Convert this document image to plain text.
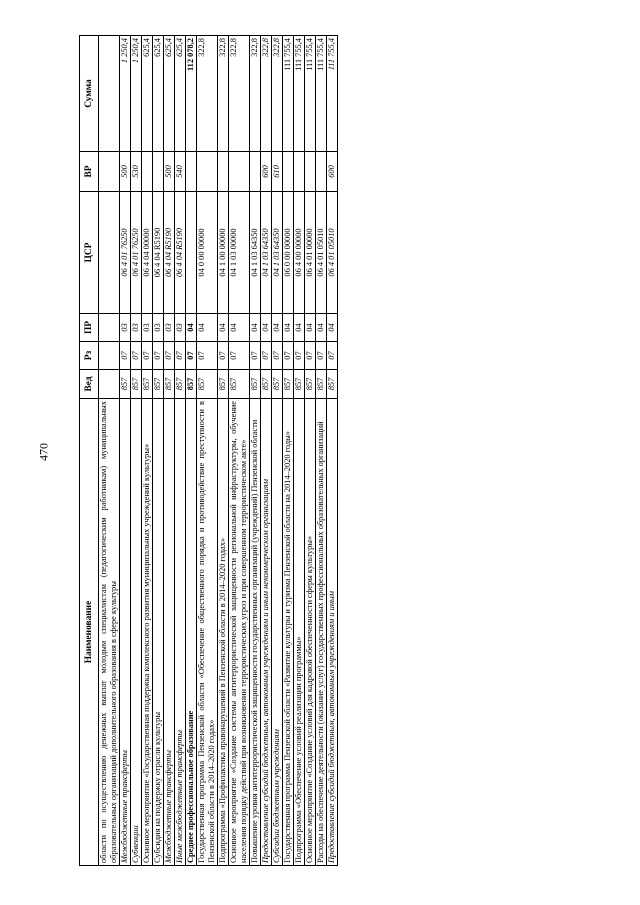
470
Наименование	Вед	Рз	ПР	ЦСР	ВР	Сумма
области по осуществлению денежных выплат молодым специалистам (педагогическим работникам) муниципальных образовательных организаций дополнительного образования в сфере культуры						
Межбюджетные трансферты	857	07	03	06 4 01 76250	500	1 250,4
Субвенции	857	07	03	06 4 01 76250	530	1 250,4
Основное мероприятие «Государственная поддержка комплексного развития муниципальных учреждений культуры»	857	07	03	06 4 04 00000		625,4
Субсидия на поддержку отрасли культуры	857	07	03	06 4 04 R5190		625,4
Межбюджетные трансферты	857	07	03	06 4 04 R5190	500	625,4
Иные межбюджетные трансферты	857	07	03	06 4 04 R5190	540	625,4
Среднее профессиональное образование	857	07	04			112 078,2
Государственная программа Пензенской области «Обеспечение общественного порядка и противодействие преступности в Пензенской области в 2014–2020 годах»	857	07	04	04 0 00 00000		322,8
Подпрограмма «Профилактика правонарушений в Пензенской области в 2014–2020 годах»	857	07	04	04 1 00 00000		322,8
Основное мероприятие «Создание системы антитеррористической защищенности региональной инфраструктуры, обучение населения порядку действий при возникновении террористических угроз и при совершенном террористическом акте»	857	07	04	04 1 03 00000		322,8
Повышение уровня антитеррористической защищенности государственных организаций (учреждений) Пензенской области	857	07	04	04 1 03 64350		322,8
Предоставление субсидий бюджетным, автономным учреждениям и иным некоммерческим организациям	857	07	04	04 1 03 64350	600	322,8
Субсидии бюджетным учреждениям	857	07	04	04 1 03 64350	610	322,8
Государственная программа Пензенской области «Развитие культуры и туризма Пензенской области на 2014–2020 годы»	857	07	04	06 0 00 00000		111 755,4
Подпрограмма «Обеспечение условий реализации программы»	857	07	04	06 4 00 00000		111 755,4
Основное мероприятие «Создание условий для кадровой обеспеченности сферы культуры»	857	07	04	06 4 01 00000		111 755,4
Расходы на обеспечение деятельности (оказание услуг) государственных профессиональных образовательных организаций	857	07	04	06 4 01 05010		111 755,4
Предоставление субсидий бюджетным, автономным учреждениям и иным	857	07	04	06 4 01 05010	600	111 755,4
